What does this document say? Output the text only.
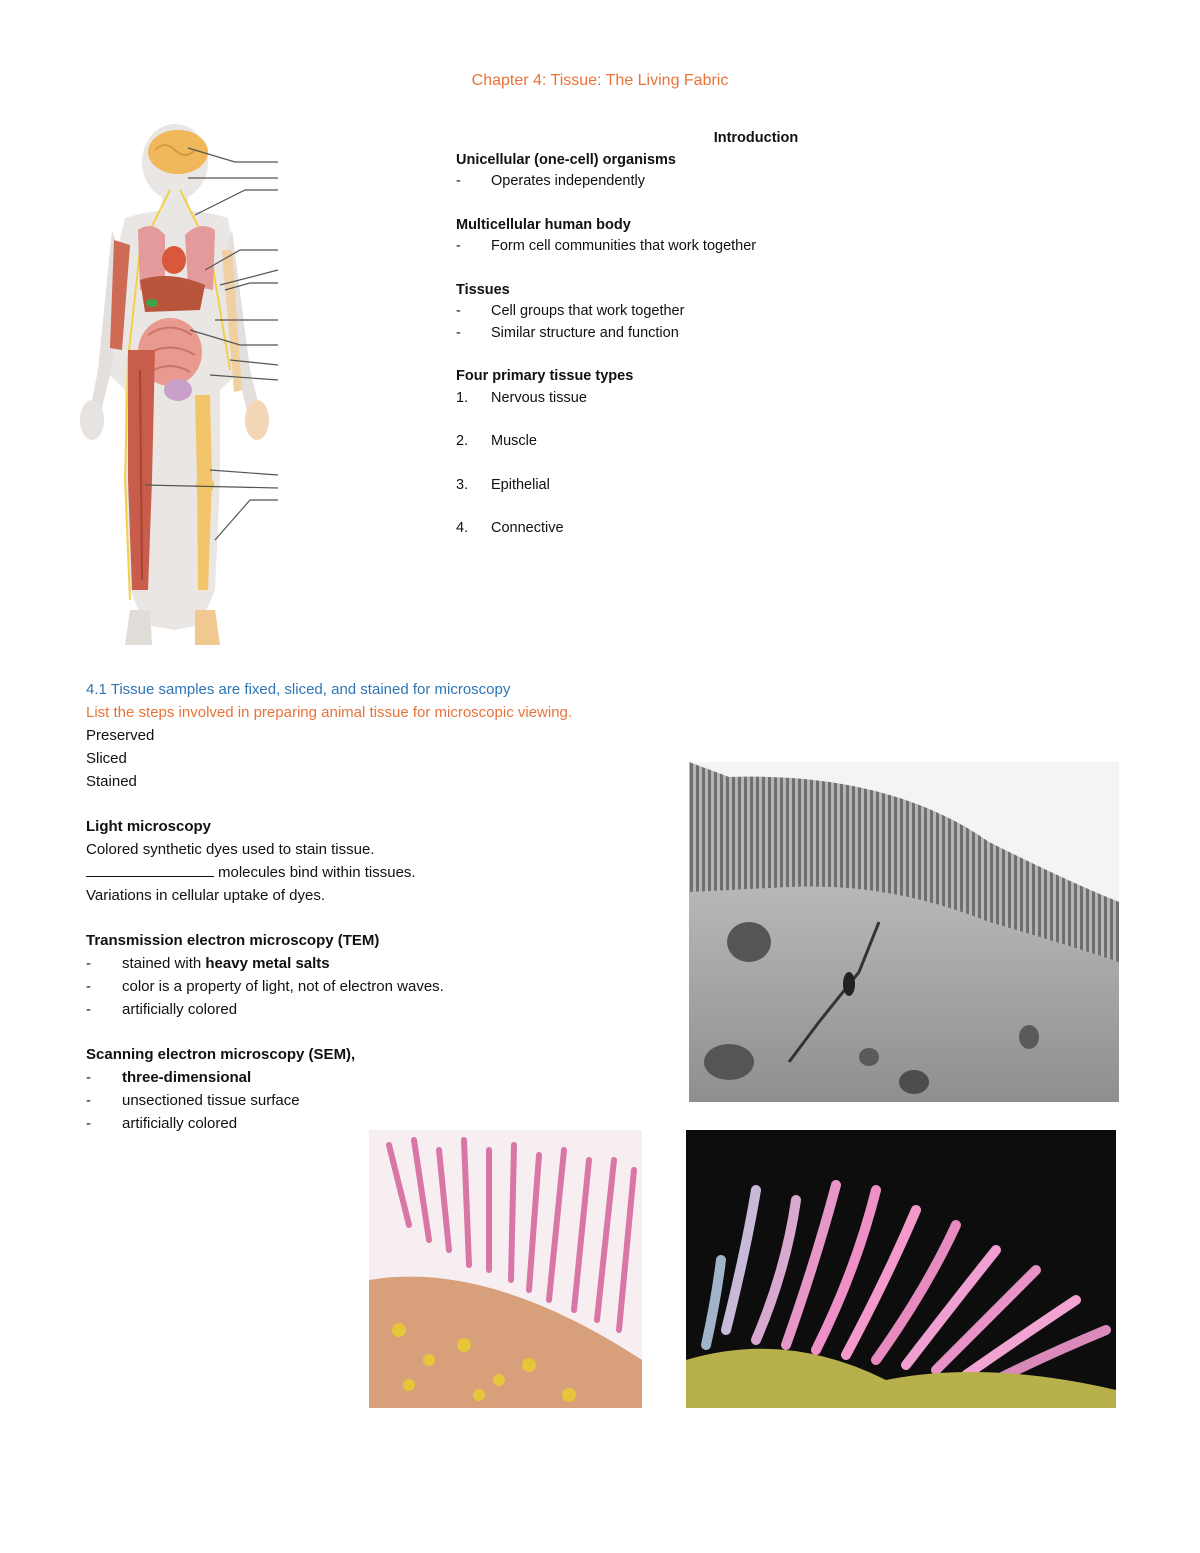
Chapter 4: Tissue: The Living Fabric
Introduction
Unicellular (one-cell) organisms
-	Operates independently
Multicellular human body
-	Form cell communities that work together
Tissues
-	Cell groups that work together
-	Similar structure and function
Four primary tissue types
1.	Nervous tissue
2.	Muscle
3.	Epithelial
4.	Connective
4.1 Tissue samples are fixed, sliced, and stained for microscopy
List the steps involved in preparing animal tissue for microscopic viewing.
Preserved
Sliced
Stained
Light microscopy
Colored synthetic dyes used to stain tissue.
molecules bind within tissues.
Variations in cellular uptake of dyes.
Transmission electron microscopy (TEM)
-	stained with heavy metal salts
-	color is a property of light, not of electron waves.
-	artificially colored
Scanning electron microscopy (SEM),
-	three-dimensional
-	unsectioned tissue surface
-	artificially colored
